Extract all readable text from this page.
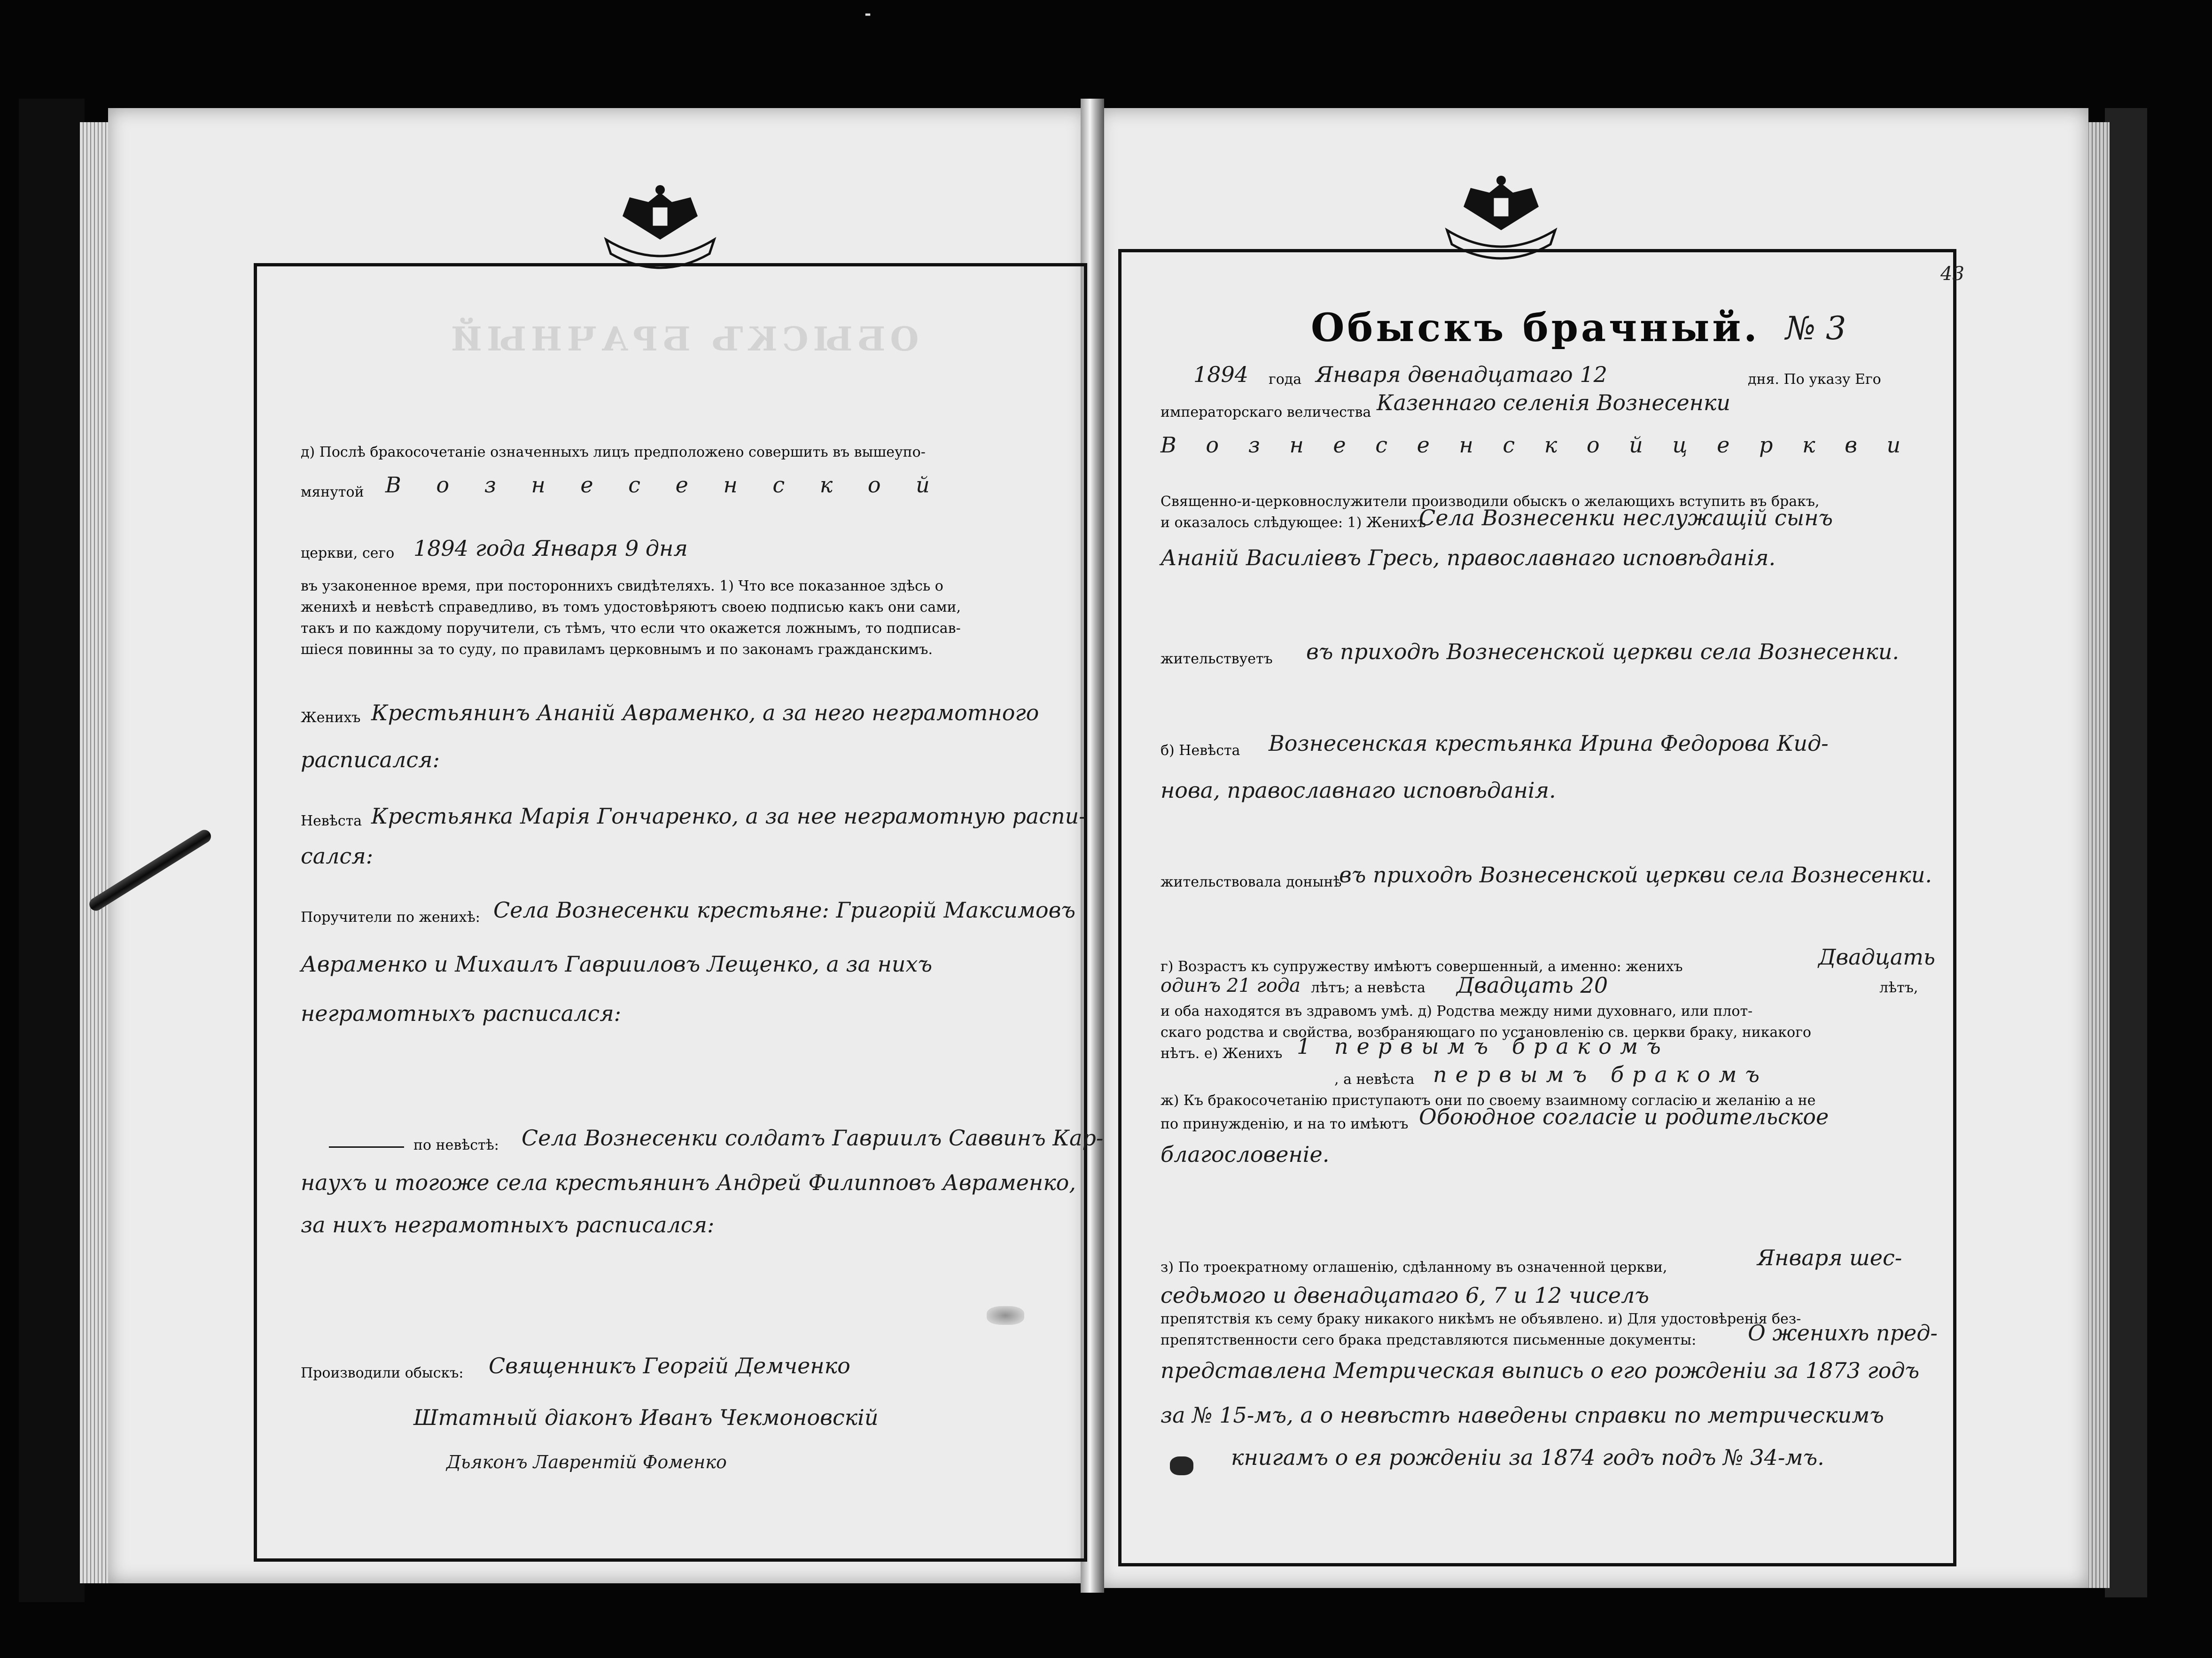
-
ОБЫСКЪ БРАЧНЫЙ
д) Послѣ бракосочетанiе означенныхъ лицъ предположено совершить въ вышеупо-
мянутой В о з н е с е н с к о й
церкви, сего 1894 года Января 9 дня
въ узаконенное время, при постороннихъ свидѣтеляхъ. 1) Что все показанное здѣсь о
женихѣ и невѣстѣ справедливо, въ томъ удостовѣряютъ своею подписью какъ они сами,
такъ и по каждому поручители, съ тѣмъ, что если что окажется ложнымъ, то подписав-
шiеся повинны за то суду, по правиламъ церковнымъ и по законамъ гражданскимъ.
Женихъ Крестьянинъ Ананiй Авраменко, а за него неграмотного
расписался:
Невѣста Крестьянка Марiя Гончаренко, а за нее неграмотную распи-
сался:
Поручители по женихѣ: Села Вознесенки крестьяне: Григорiй Максимовъ
Авраменко и Михаилъ Гаврииловъ Лещенко, а за нихъ
неграмотныхъ расписался:
по невѣстѣ: Села Вознесенки солдатъ Гавриилъ Саввинъ Кар-
наухъ и тогоже села крестьянинъ Андрей Филипповъ Авраменко,
за нихъ неграмотныхъ расписался:
Производили обыскъ: Священникъ Георгiй Демченко
Штатный дiаконъ Иванъ Чекмоновскiй
Дьяконъ Лаврентiй Фоменко
43
Обыскъ брачный. № 3
1894 года Января двенадцатаго 12	дня. По указу Его
императорскаго величества Казеннаго селенiя Вознесенки
В о з н е с е н с к о й ц е р к в и
Священно-и-церковнослужители производили обыскъ о желающихъ вступить въ бракъ,
и оказалось слѣдующее: 1) Женихъ
Села Вознесенки неслужащiй сынъ
Ананiй Василiевъ Гресь, православнаго исповѣданiя.
жительствуетъ въ приходѣ Вознесенской церкви села Вознесенки.
б) Невѣста Вознесенская крестьянка Ирина Федорова Кид-
нова, православнаго исповѣданiя.
жительствовала донынѣ
въ приходѣ Вознесенской церкви села Вознесенки.
г) Возрастъ къ супружеству имѣютъ совершенный, а именно: женихъ	Двадцать
одинъ 21 года лѣтъ; а невѣста Двадцать 20	лѣтъ,
и оба находятся въ здравомъ умѣ. д) Родства между ними духовнаго, или плот-
скаго родства и свойства, возбраняющаго по установленiю св. церкви браку, никакого
нѣтъ. е) Женихъ 1 первымъ бракомъ
, а невѣста первымъ бракомъ
ж) Къ бракосочетанiю приступаютъ они по своему взаимному согласiю и желанiю а не
по принужденiю, и на то имѣютъ Обоюдное согласiе и родительское
благословенiе.
з) По троекратному оглашенiю, сдѣланному въ означенной церкви,	Января шес-
седьмого и двенадцатаго 6, 7 и 12 чиселъ
препятствiя къ сему браку никакого никѣмъ не объявлено. и) Для удостовѣренiя без-
препятственности сего брака представляются письменные документы: О женихѣ пред-
представлена Метрическая выпись о его рожденiи за 1873 годъ
за № 15-мъ, а о невѣстѣ наведены справки по метрическимъ
книгамъ о ея рожденiи за 1874 годъ подъ № 34-мъ.
